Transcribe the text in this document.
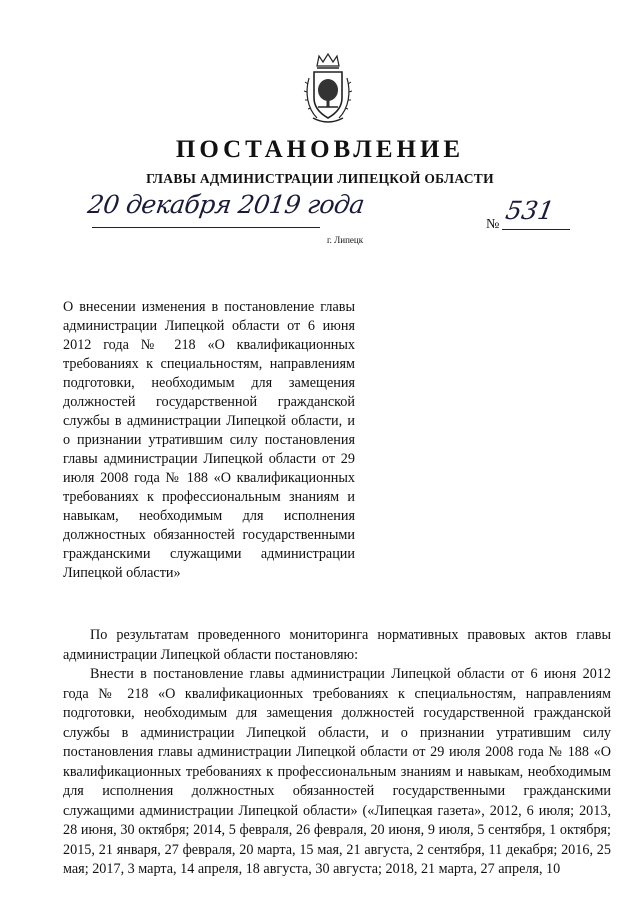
ПОСТАНОВЛЕНИЕ
ГЛАВЫ АДМИНИСТРАЦИИ ЛИПЕЦКОЙ ОБЛАСТИ
20 декабря 2019 года
г. Липецк
№ 531
О внесении изменения в постановление главы администрации Липецкой области от 6 июня 2012 года № 218 «О квалификационных требованиях к специальностям, направлениям подготовки, необходимым для замещения должностей государственной гражданской службы в администрации Липецкой области, и о признании утратившим силу постановления главы администрации Липецкой области от 29 июля 2008 года № 188 «О квалификационных требованиях к профессиональным знаниям и навыкам, необходимым для исполнения должностных обязанностей государственными гражданскими служащими администрации Липецкой области»

По результатам проведенного мониторинга нормативных правовых актов главы администрации Липецкой области постановляю:

Внести в постановление главы администрации Липецкой области от 6 июня 2012 года № 218 «О квалификационных требованиях к специальностям, направлениям подготовки, необходимым для замещения должностей государственной гражданской службы в администрации Липецкой области, и о признании утратившим силу постановления главы администрации Липецкой области от 29 июля 2008 года № 188 «О квалификационных требованиях к профессиональным знаниям и навыкам, необходимым для исполнения должностных обязанностей государственными гражданскими служащими администрации Липецкой области» («Липецкая газета», 2012, 6 июля; 2013, 28 июня, 30 октября; 2014, 5 февраля, 26 февраля, 20 июня, 9 июля, 5 сентября, 1 октября; 2015, 21 января, 27 февраля, 20 марта, 15 мая, 21 августа, 2 сентября, 11 декабря; 2016, 25 мая; 2017, 3 марта, 14 апреля, 18 августа, 30 августа; 2018, 21 марта, 27 апреля, 10
